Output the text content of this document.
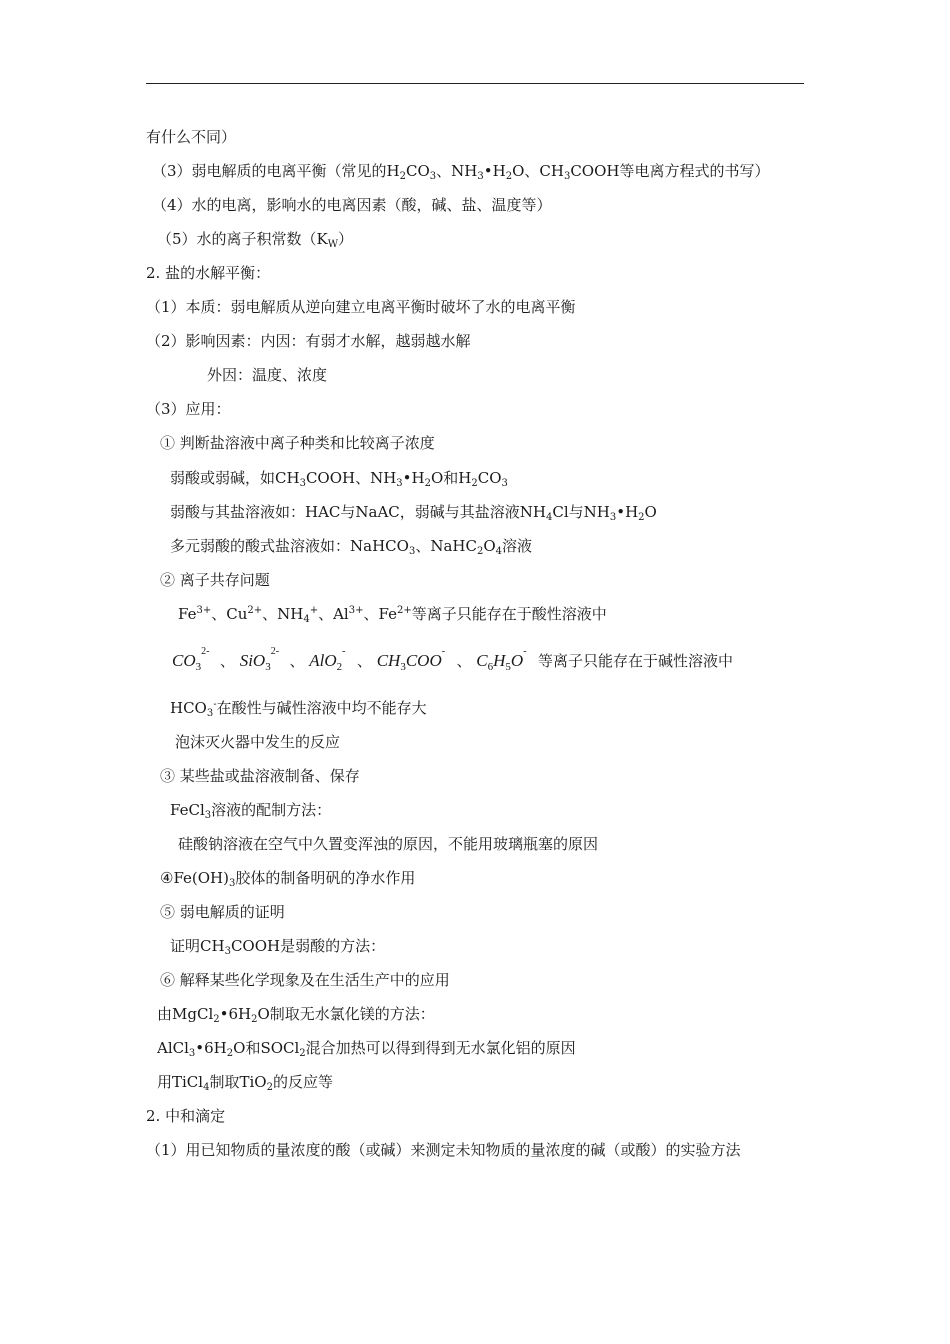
有什么不同）
（3）弱电解质的电离平衡（常见的$H_2CO_3$、$NH_3•H_2O$、$CH_3COOH$等电离方程式的书写）
（4）水的电离，影响水的电离因素（酸，碱、盐、温度等）
（5）水的离子积常数$(K_W)$
2. 盐的水解平衡：
（1）本质：弱电解质从逆向建立电离平衡时破坏了水的电离平衡
（2）影响因素：内因：有弱才水解，越弱越水解
外因：温度、浓度
（3）应用：
① 判断盐溶液中离子种类和比较离子浓度
弱酸或弱碱，如$CH_3COOH$、$NH_3•H_2O$和$H_2CO_3$
弱酸与其盐溶液如：HAC与NaAC，弱碱与其盐溶液$NH_4Cl$与$NH_3•H_2O$
多元弱酸的酸式盐溶液如：NaHCO$_3$、$NaHC_2O_4$溶液
② 离子共存问题
$Fe^{3+}$、$Cu^{2+}$、$NH_4^+$、$Al^{3+}$、$Fe^{2+}$等离子只能存在于酸性溶液中
$CO_3$
2-
、 SiO$_3$
2-
、 AlO$_2$
-
、 $CH_3COO$ -
、 $C_6H_5O$ -
等离子只能存在于碱性溶液中
$HCO_3^-$在酸性与碱性溶液中均不能存大
泡沫灭火器中发生的反应
③ 某些盐或盐溶液制备、保存
FeCl$_3$溶液的配制方法：
硅酸钠溶液在空气中久置变浑浊的原因，不能用玻璃瓶塞的原因
$④Fe(OH)_3$胶体的制备明矾的净水作用
⑤ 弱电解质的证明
证明$CH_3COOH$是弱酸的方法：
⑥ 解释某些化学现象及在生活生产中的应用
由$MgCl_2•6H_2O$制取无水氯化镁的方法：
$AlCl_3•6H_2O$和SOCl$_2$混合加热可以得到得到无水氯化铝的原因
用TiCl$_4$制取TiO$_2$的反应等
2. 中和滴定
（1）用已知物质的量浓度的酸（或碱）来测定未知物质的量浓度的碱（或酸）的实验方法
